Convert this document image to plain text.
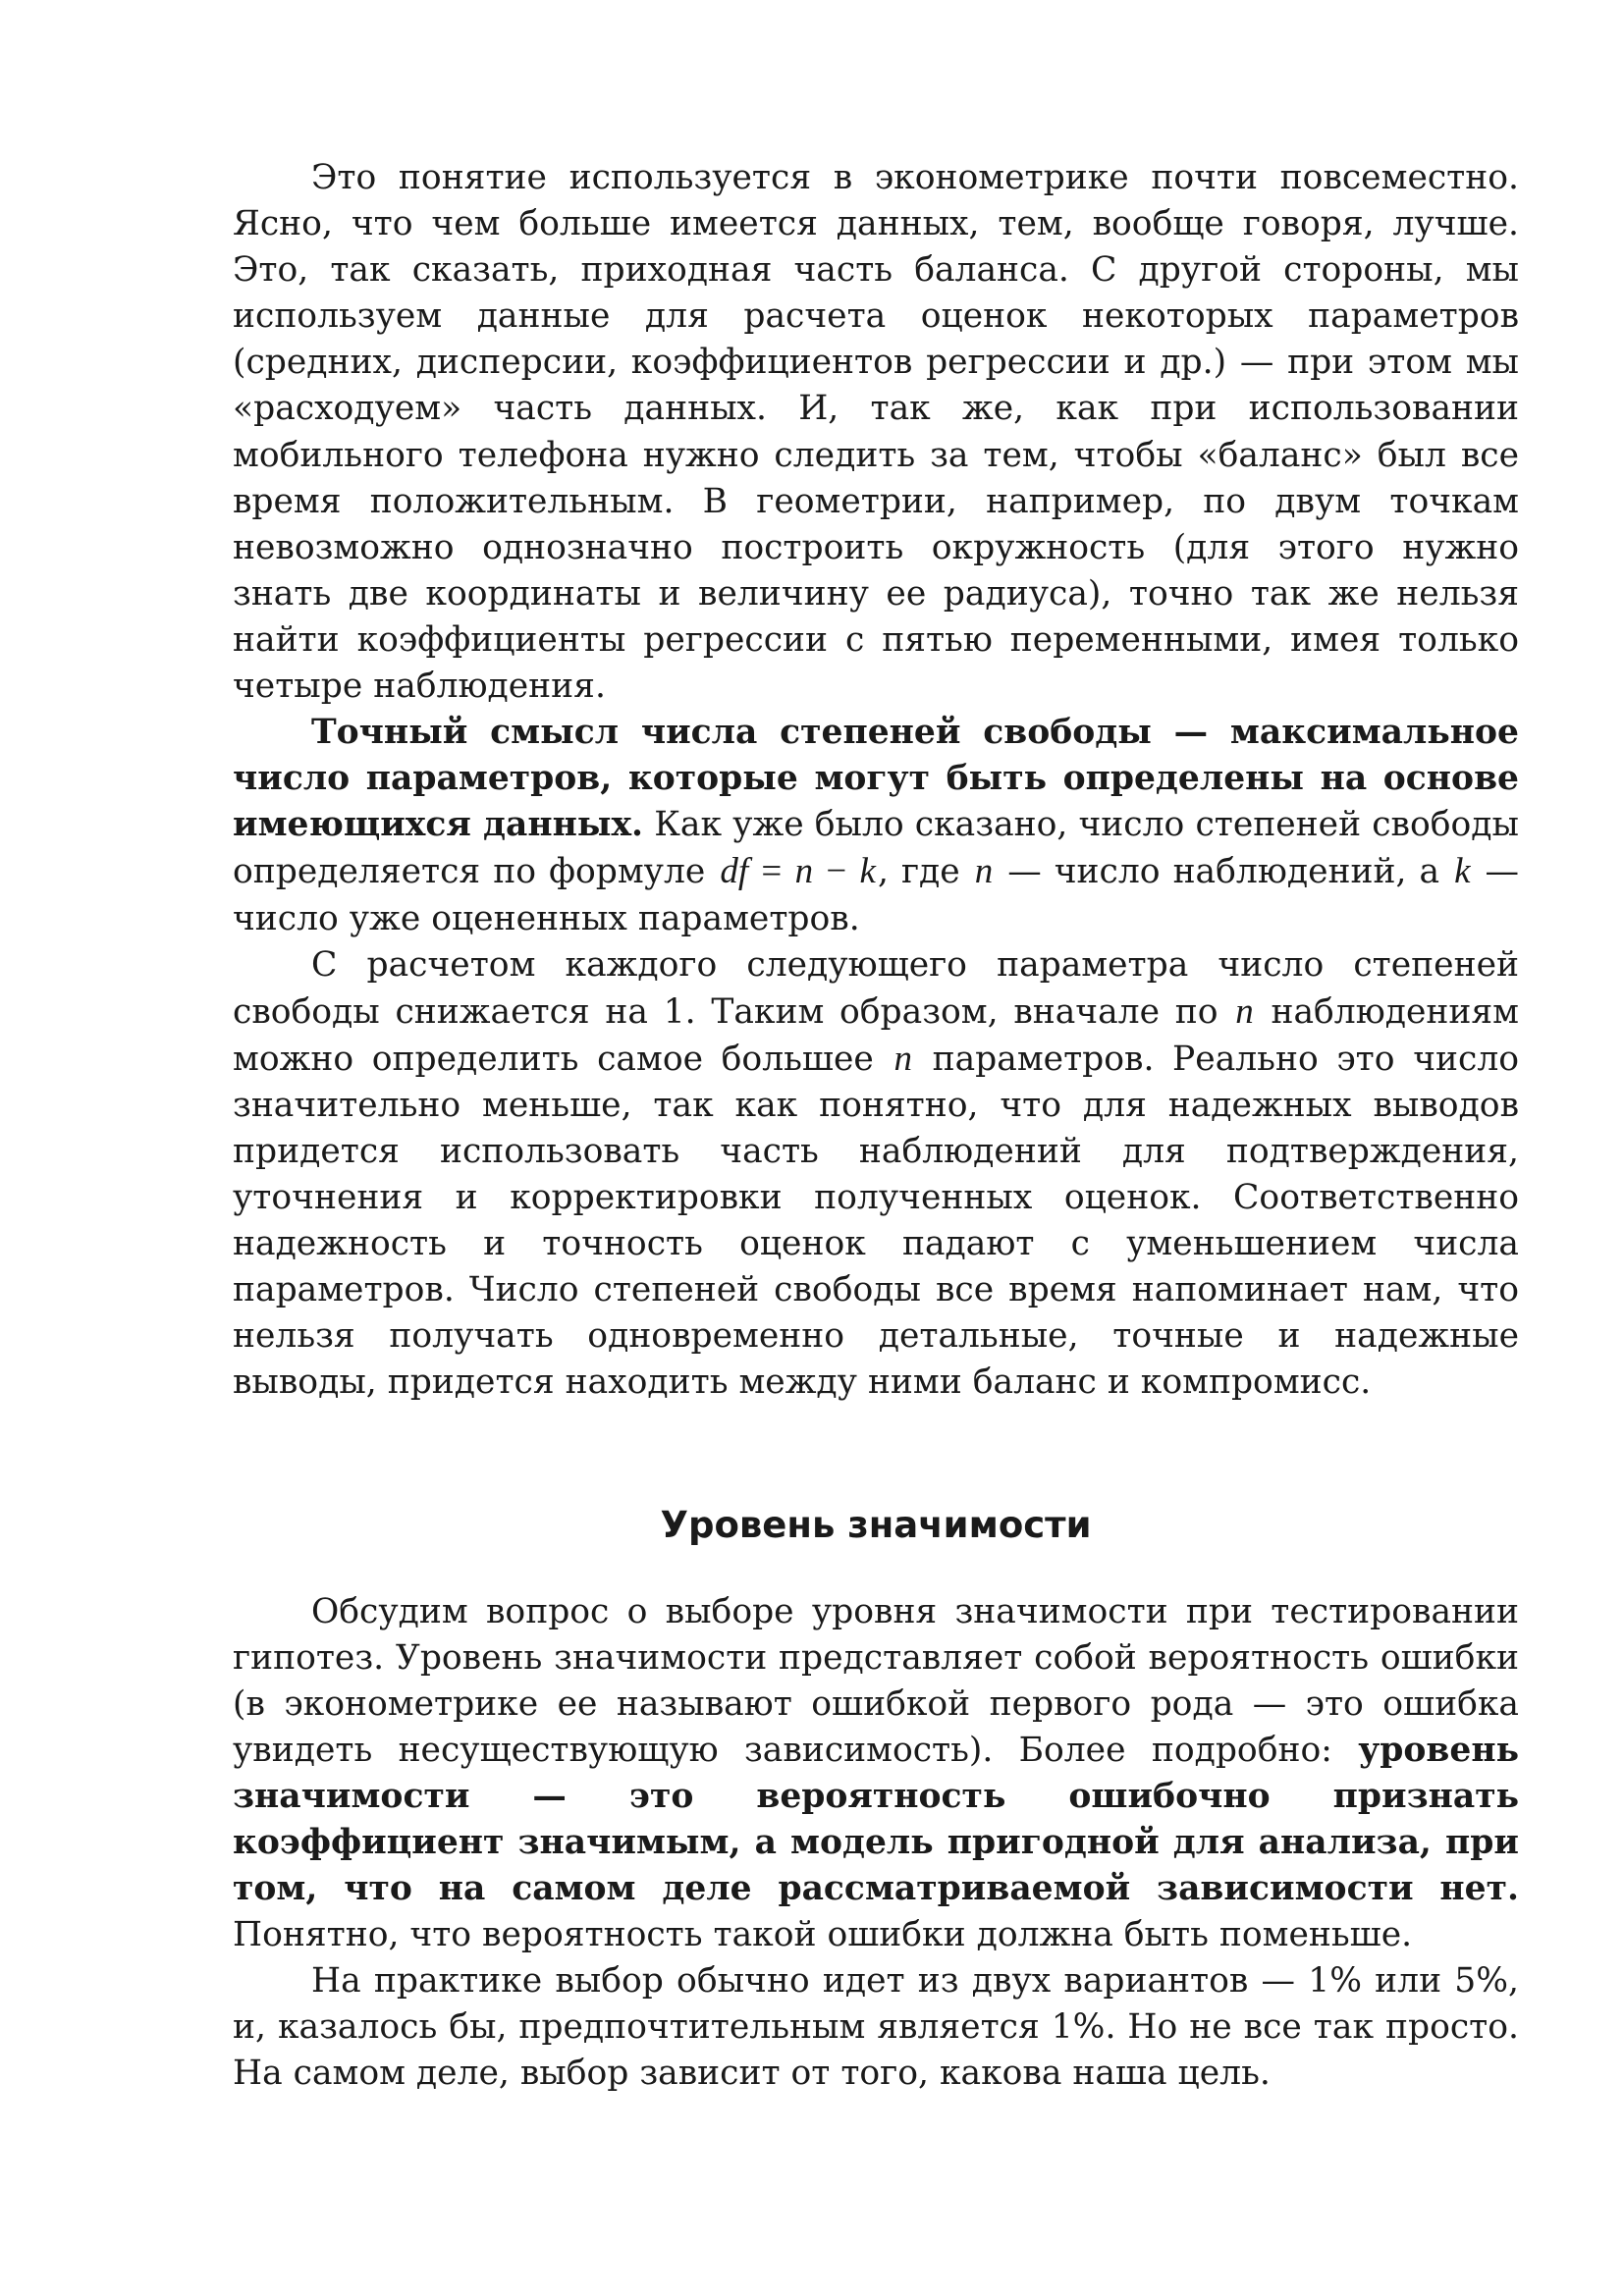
Это понятие используется в эконометрике почти повсеместно. Ясно, что чем больше имеется данных, тем, вообще говоря, лучше. Это, так сказать, приходная часть баланса. С другой стороны, мы используем данные для расчета оценок некоторых параметров (средних, дисперсии, коэффициентов регрессии и др.) — при этом мы «расходуем» часть данных. И, так же, как при использовании мобильного телефона нужно следить за тем, чтобы «баланс» был все время положительным. В геометрии, например, по двум точкам невозможно однозначно построить окружность (для этого нужно знать две координаты и величину ее радиуса), точно так же нельзя найти коэффициенты регрессии с пятью переменными, имея только четыре наблюдения.

Точный смысл числа степеней свободы — максимальное число параметров, которые могут быть определены на основе имеющихся данных. Как уже было сказано, число степеней свободы определяется по формуле df = n − k, где n — число наблюдений, а k — число уже оцененных параметров.

С расчетом каждого следующего параметра число степеней свободы снижается на 1. Таким образом, вначале по n наблюдениям можно определить самое большее n параметров. Реально это число значительно меньше, так как понятно, что для надежных выводов придется использовать часть наблюдений для подтверждения, уточнения и корректировки полученных оценок. Соответственно надежность и точность оценок падают с уменьшением числа параметров. Число степеней свободы все время напоминает нам, что нельзя получать одновременно детальные, точные и надежные выводы, придется находить между ними баланс и компромисс.

Уровень значимости

Обсудим вопрос о выборе уровня значимости при тестировании гипотез. Уровень значимости представляет собой вероятность ошибки (в эконометрике ее называют ошибкой первого рода — это ошибка увидеть несуществующую зависимость). Более подробно: уровень значимости — это вероятность ошибочно признать коэффициент значимым, а модель пригодной для анализа, при том, что на самом деле рассматриваемой зависимости нет. Понятно, что вероятность такой ошибки должна быть поменьше.

На практике выбор обычно идет из двух вариантов — 1% или 5%, и, казалось бы, предпочтительным является 1%. Но не все так просто. На самом деле, выбор зависит от того, какова наша цель.
